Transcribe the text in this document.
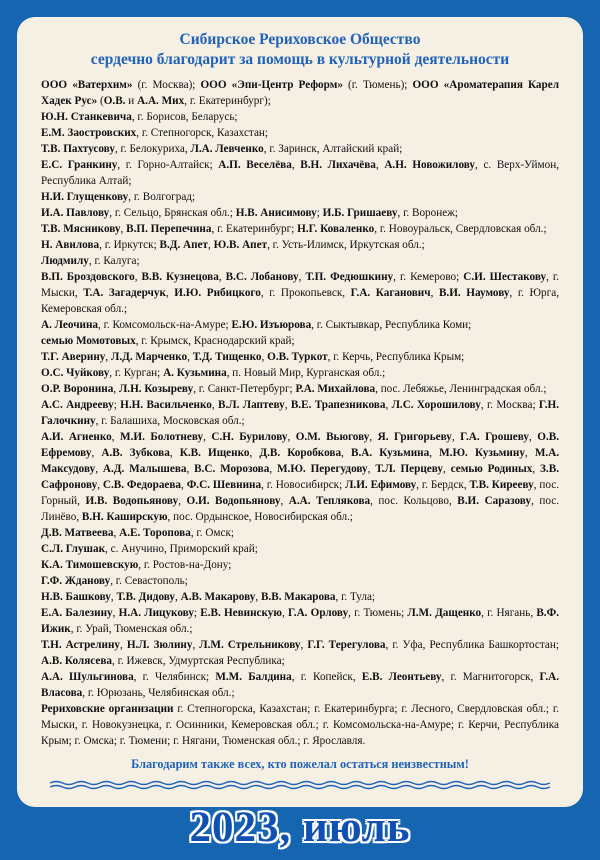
Сибирское Рериховское Общество
сердечно благодарит за помощь в культурной деятельности

ООО «Ватерхим» (г. Москва); ООО «Эпи-Центр Реформ» (г. Тюмень); ООО «Ароматерапия Карел Хадек Рус» (О.В. и А.А. Мих, г. Екатеринбург);

Ю.Н. Станкевича, г. Борисов, Беларусь;

Е.М. Заостровских, г. Степногорск, Казахстан;

Т.В. Пахтусову, г. Белокуриха, Л.А. Левченко, г. Заринск, Алтайский край;

Е.С. Гранкину, г. Горно-Алтайск; А.П. Веселёва, В.Н. Лихачёва, А.Н. Новожилову, с. Верх-Уймон, Республика Алтай;

Н.И. Глущенкову, г. Волгоград;

И.А. Павлову, г. Сельцо, Брянская обл.; Н.В. Анисимову; И.Б. Гришаеву, г. Воронеж;

Т.В. Мясникову, В.П. Перепечина, г. Екатеринбург; Н.Г. Коваленко, г. Новоуральск, Свердловская обл.;

Н. Авилова, г. Иркутск; В.Д. Апет, Ю.В. Апет, г. Усть-Илимск, Иркутская обл.;

Людмилу, г. Калуга;

В.П. Броздовского, В.В. Кузнецова, В.С. Лобанову, Т.П. Федюшкину, г. Кемерово; С.И. Шестакову, г. Мыски, Т.А. Загадерчук, И.Ю. Рибицкого, г. Прокопьевск, Г.А. Каганович, В.И. Наумову, г. Юрга, Кемеровская обл.;

А. Леочина, г. Комсомольск-на-Амуре; Е.Ю. Изъюрова, г. Сыктывкар, Республика Коми;

семью Момотовых, г. Крымск, Краснодарский край;

Т.Г. Аверину, Л.Д. Марченко, Т.Д. Тищенко, О.В. Туркот, г. Керчь, Республика Крым;

О.С. Чуйкову, г. Курган; А. Кузьмина, п. Новый Мир, Курганская обл.;

О.Р. Воронина, Л.Н. Козыреву, г. Санкт-Петербург; Р.А. Михайлова, пос. Лебяжье, Ленинградская обл.;

А.С. Андрееву; Н.Н. Васильченко, В.Л. Лаптеву, В.Е. Трапезникова, Л.С. Хорошилову, г. Москва; Г.Н. Галочкину, г. Балашиха, Московская обл.;

А.И. Агиенко, М.И. Болотневу, С.Н. Бурилову, О.М. Вьюгову, Я. Григорьеву, Г.А. Грошеву, О.В. Ефремову, А.В. Зубкова, К.В. Ищенко, Д.В. Коробкова, В.А. Кузьмина, М.Ю. Кузьмину, М.А. Максудову, А.Д. Малышева, В.С. Морозова, М.Ю. Перегудову, Т.Л. Перцеву, семью Родиных, З.В. Сафронову, С.В. Федораева, Ф.С. Шевнина, г. Новосибирск; Л.И. Ефимову, г. Бердск, Т.В. Кирееву, пос. Горный, И.В. Водопьянову, О.И. Водопьянову, А.А. Теплякова, пос. Кольцово, В.И. Саразову, пос. Линёво, В.Н. Каширскую, пос. Ордынское, Новосибирская обл.;

Д.В. Матвеева, А.Е. Торопова, г. Омск;

С.Л. Глушак, с. Анучино, Приморский край;

К.А. Тимошевскую, г. Ростов-на-Дону;

Г.Ф. Жданову, г. Севастополь;

Н.В. Башкову, Т.В. Дидову, А.В. Макарову, В.В. Макарова, г. Тула;

Е.А. Балезину, Н.А. Лицукову; Е.В. Невинскую, Г.А. Орлову, г. Тюмень; Л.М. Дащенко, г. Нягань, В.Ф. Ижик, г. Урай, Тюменская обл.;

Т.Н. Астрелину, Н.Л. Зюлину, Л.М. Стрельникову, Г.Г. Терегулова, г. Уфа, Республика Башкортостан; А.В. Колясева, г. Ижевск, Удмуртская Республика;

А.А. Шульгинова, г. Челябинск; М.М. Балдина, г. Копейск, Е.В. Леонтьеву, г. Магнитогорск, Г.А. Власова, г. Юрюзань, Челябинская обл.;

Рериховские организации г. Степногорска, Казахстан; г. Екатеринбурга; г. Лесного, Свердловская обл.; г. Мыски, г. Новокузнецка, г. Осинники, Кемеровская обл.; г. Комсомольска-на-Амуре; г. Керчи, Республика Крым; г. Омска; г. Тюмени; г. Нягани, Тюменская обл.; г. Ярославля.

Благодарим также всех, кто пожелал остаться неизвестным!
2023, июль
